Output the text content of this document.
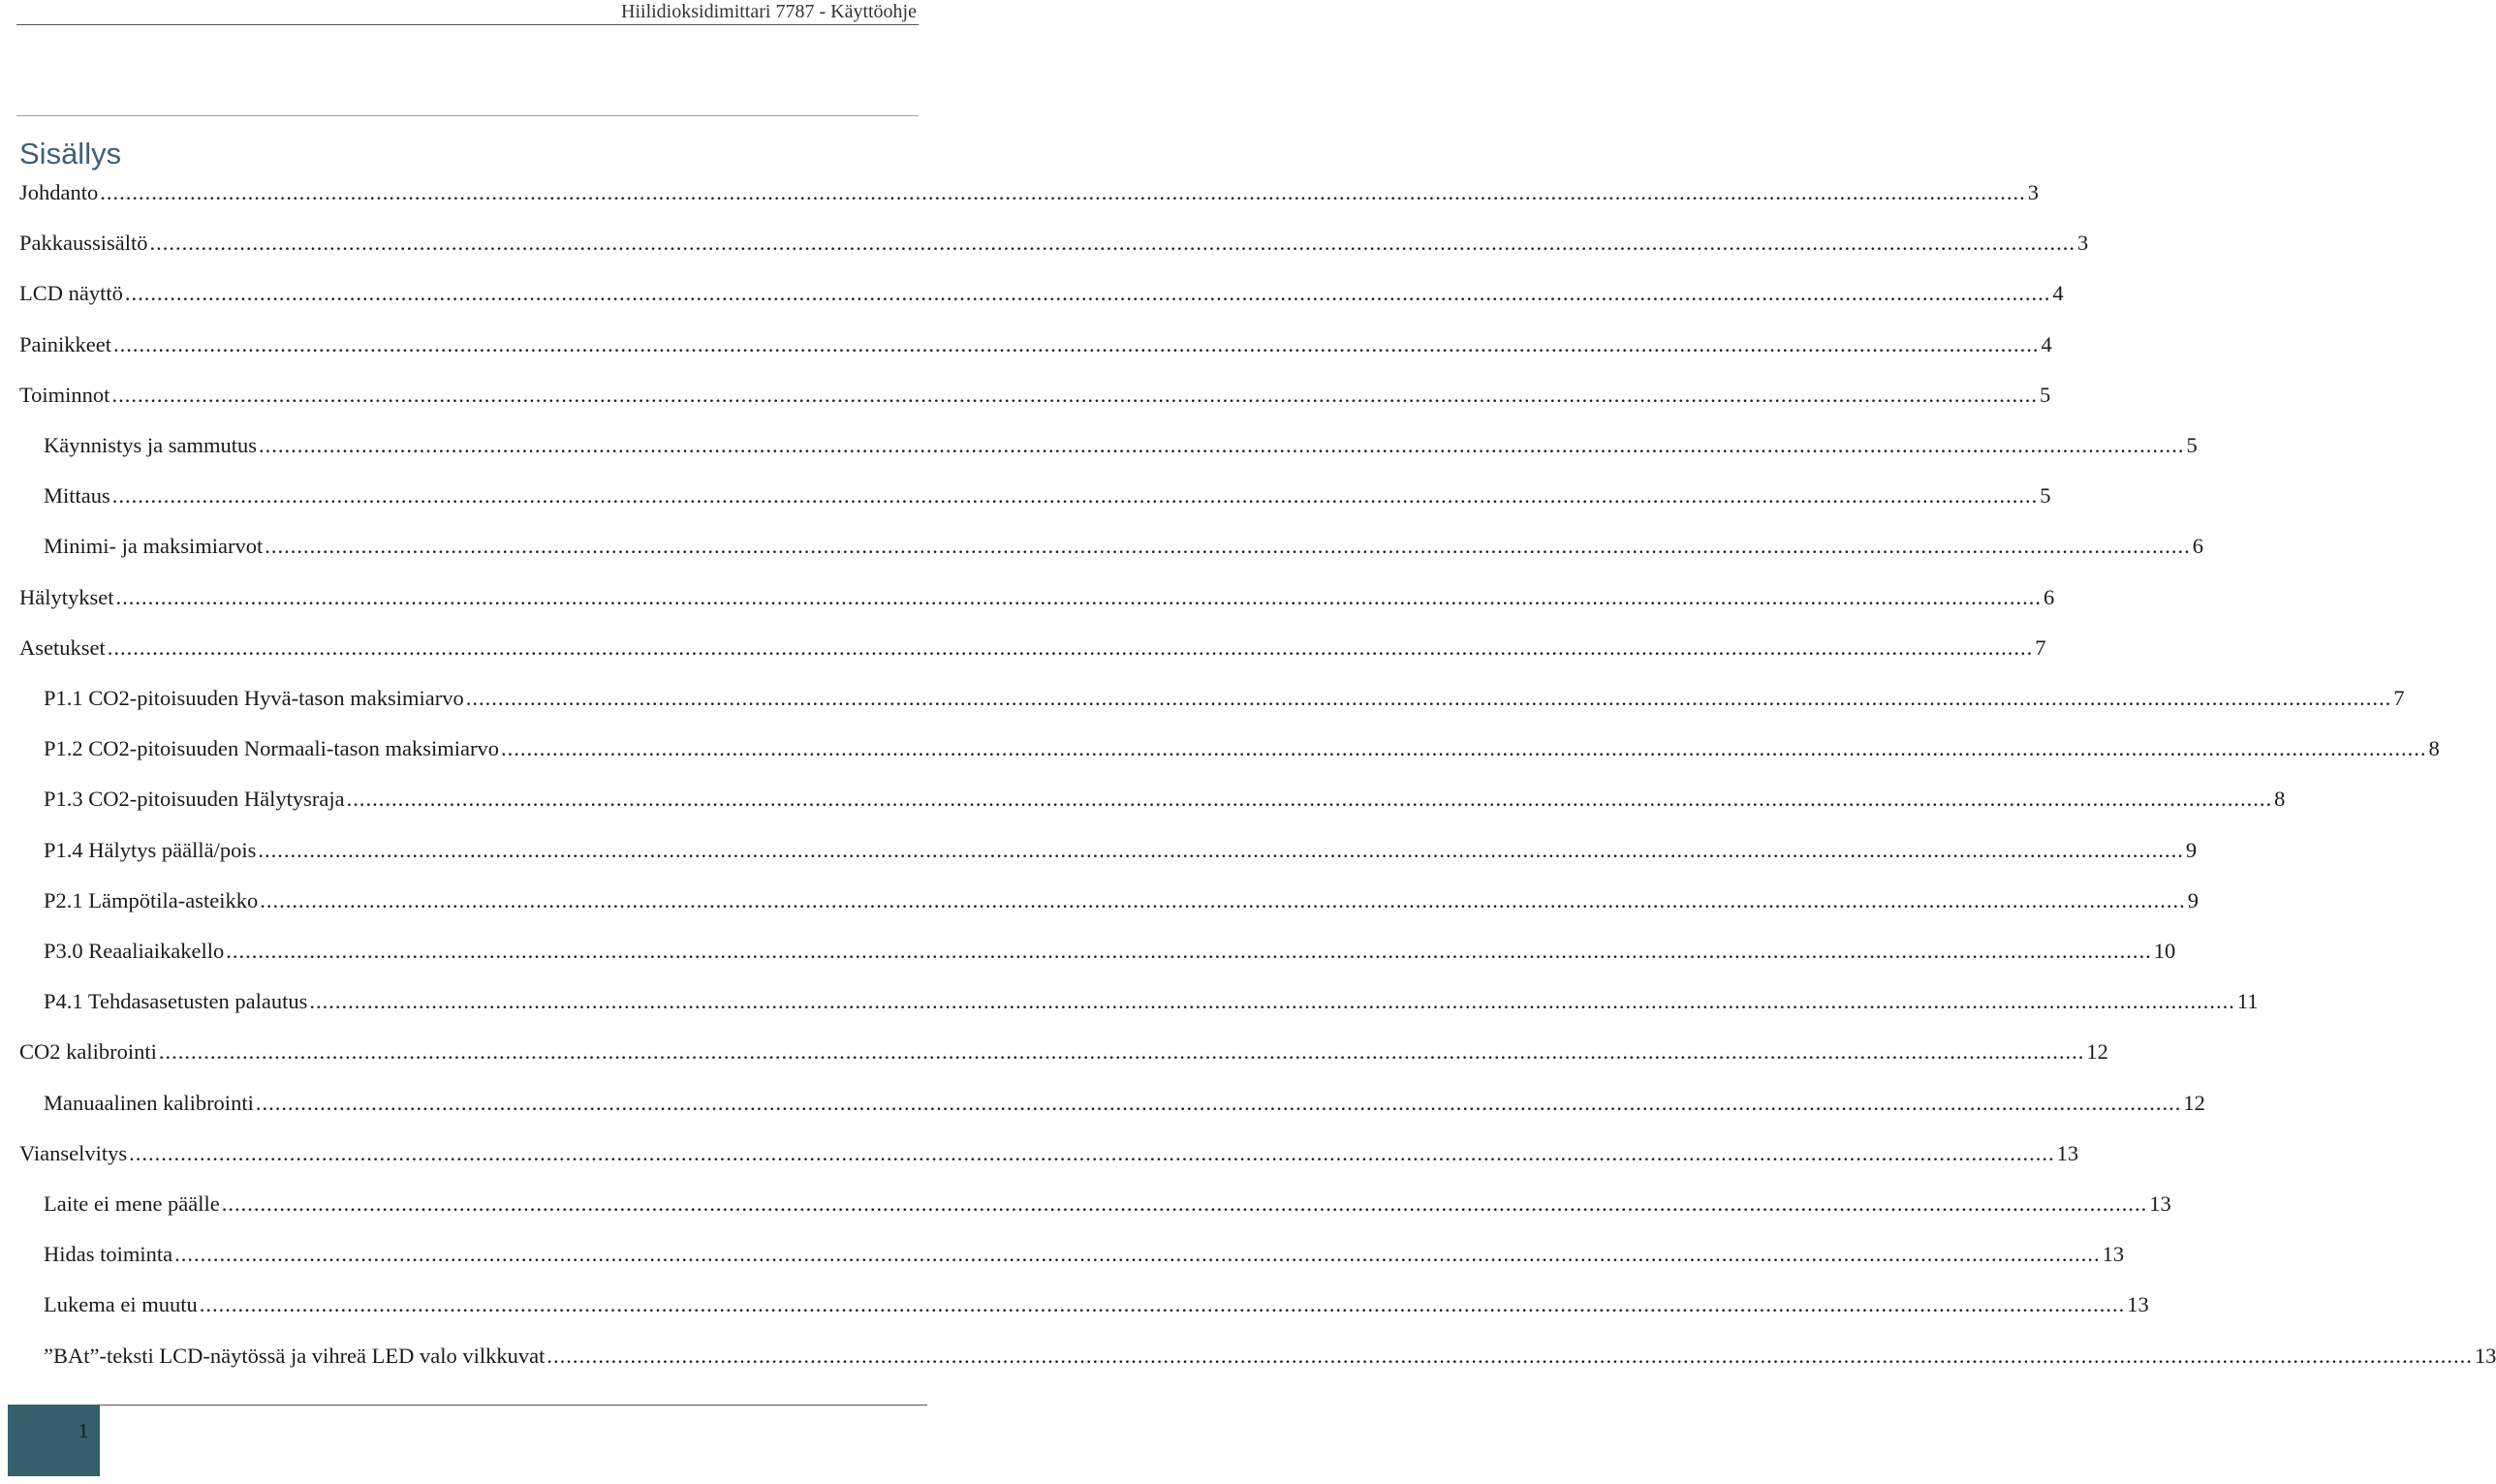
Hiilidioksidimittari 7787 - Käyttöohje
Sisällys
Johdanto ............................................................................................................................................................................................................................................................................................................ 3
Pakkaussisältö ............................................................................................................................................................................................................................................................................................................ 3
LCD näyttö ............................................................................................................................................................................................................................................................................................................ 4
Painikkeet ............................................................................................................................................................................................................................................................................................................ 4
Toiminnot ............................................................................................................................................................................................................................................................................................................ 5
Käynnistys ja sammutus ............................................................................................................................................................................................................................................................................................................ 5
Mittaus ............................................................................................................................................................................................................................................................................................................ 5
Minimi- ja maksimiarvot ............................................................................................................................................................................................................................................................................................................ 6
Hälytykset ............................................................................................................................................................................................................................................................................................................ 6
Asetukset ............................................................................................................................................................................................................................................................................................................ 7
P1.1 CO2-pitoisuuden Hyvä-tason maksimiarvo ............................................................................................................................................................................................................................................................................................................ 7
P1.2 CO2-pitoisuuden Normaali-tason maksimiarvo ............................................................................................................................................................................................................................................................................................................ 8
P1.3 CO2-pitoisuuden Hälytysraja ............................................................................................................................................................................................................................................................................................................ 8
P1.4 Hälytys päällä/pois ............................................................................................................................................................................................................................................................................................................ 9
P2.1 Lämpötila-asteikko ............................................................................................................................................................................................................................................................................................................ 9
P3.0 Reaaliaikakello ............................................................................................................................................................................................................................................................................................................ 10
P4.1 Tehdasasetusten palautus ............................................................................................................................................................................................................................................................................................................ 11
CO2 kalibrointi ............................................................................................................................................................................................................................................................................................................ 12
Manuaalinen kalibrointi ............................................................................................................................................................................................................................................................................................................ 12
Vianselvitys ............................................................................................................................................................................................................................................................................................................ 13
Laite ei mene päälle ............................................................................................................................................................................................................................................................................................................ 13
Hidas toiminta ............................................................................................................................................................................................................................................................................................................ 13
Lukema ei muutu ............................................................................................................................................................................................................................................................................................................ 13
”BAt”-teksti LCD-näytössä ja vihreä LED valo vilkkuvat ............................................................................................................................................................................................................................................................................................................ 13
1
